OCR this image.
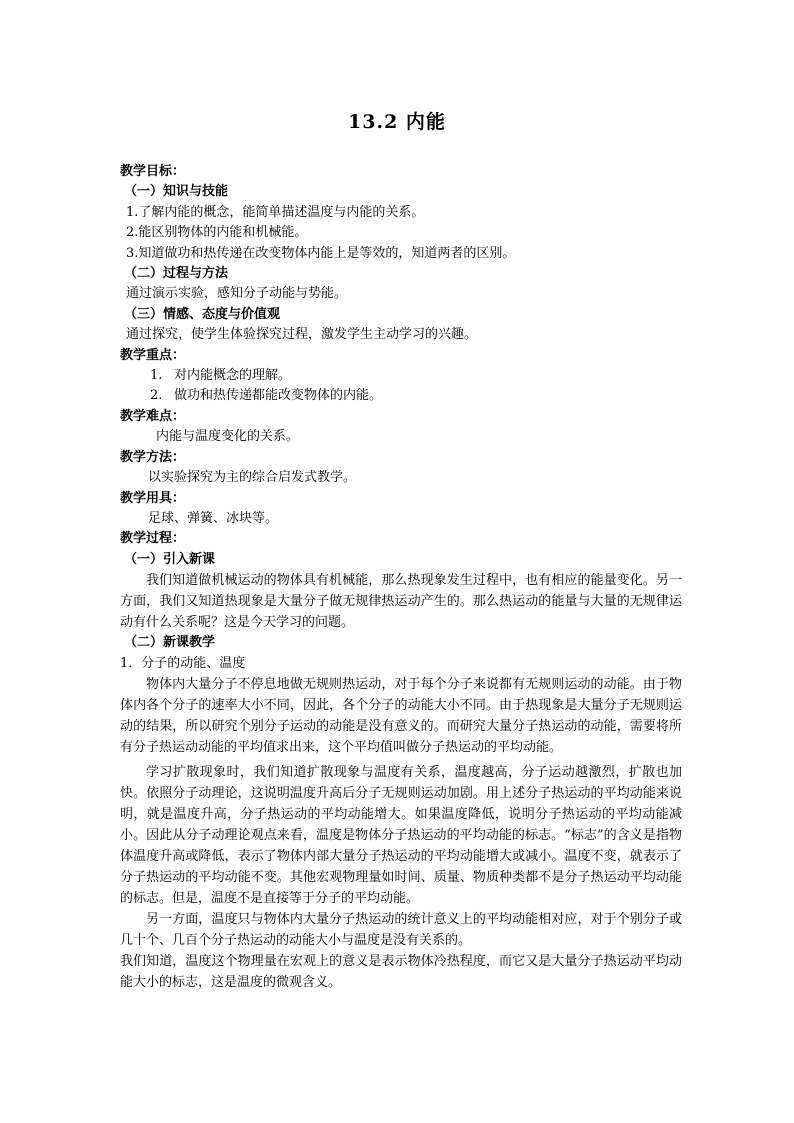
13.2 内能
教学目标：
（一）知识与技能
1.了解内能的概念，能简单描述温度与内能的关系。
2.能区别物体的内能和机械能。
3.知道做功和热传递在改变物体内能上是等效的，知道两者的区别。
（二）过程与方法
通过演示实验，感知分子动能与势能。
（三）情感、态度与价值观
通过探究，使学生体验探究过程，激发学生主动学习的兴趣。
教学重点：
1. 对内能概念的理解。
2. 做功和热传递都能改变物体的内能。
教学难点：
内能与温度变化的关系。
教学方法：
以实验探究为主的综合启发式教学。
教学用具：
足球、弹簧、冰块等。
教学过程：
（一）引入新课

我们知道做机械运动的物体具有机械能，那么热现象发生过程中，也有相应的能量变化。另一方面，我们又知道热现象是大量分子做无规律热运动产生的。那么热运动的能量与大量的无规律运动有什么关系呢？这是今天学习的问题。

（二）新课教学
1．分子的动能、温度

物体内大量分子不停息地做无规则热运动，对于每个分子来说都有无规则运动的动能。由于物体内各个分子的速率大小不同，因此，各个分子的动能大小不同。由于热现象是大量分子无规则运动的结果，所以研究个别分子运动的动能是没有意义的。而研究大量分子热运动的动能，需要将所有分子热运动动能的平均值求出来，这个平均值叫做分子热运动的平均动能。

学习扩散现象时，我们知道扩散现象与温度有关系，温度越高，分子运动越激烈，扩散也加快。依照分子动理论，这说明温度升高后分子无规则运动加剧。用上述分子热运动的平均动能来说明，就是温度升高，分子热运动的平均动能增大。如果温度降低，说明分子热运动的平均动能减小。因此从分子动理论观点来看，温度是物体分子热运动的平均动能的标志。“标志”的含义是指物体温度升高或降低，表示了物体内部大量分子热运动的平均动能增大或减小。温度不变，就表示了分子热运动的平均动能不变。其他宏观物理量如时间、质量、物质种类都不是分子热运动平均动能的标志。但是，温度不是直接等于分子的平均动能。

另一方面，温度只与物体内大量分子热运动的统计意义上的平均动能相对应，对于个别分子或几十个、几百个分子热运动的动能大小与温度是没有关系的。

我们知道，温度这个物理量在宏观上的意义是表示物体冷热程度，而它又是大量分子热运动平均动能大小的标志，这是温度的微观含义。
